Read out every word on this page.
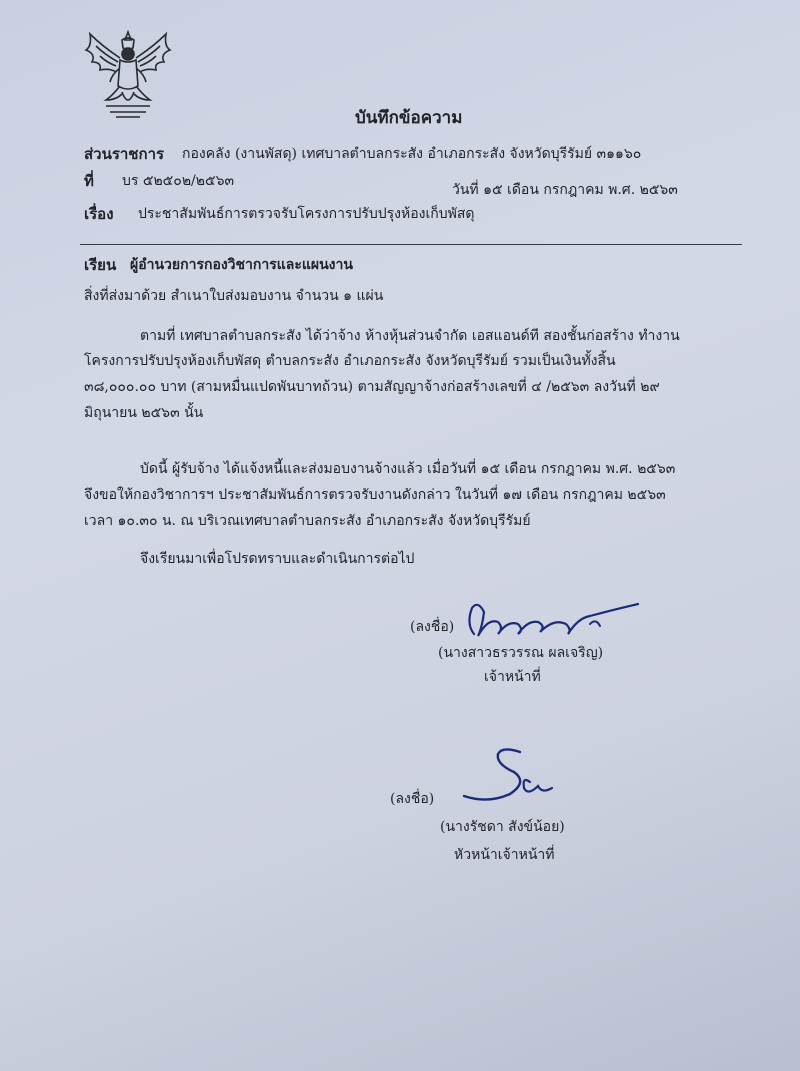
บันทึกข้อความ
ส่วนราชการ กองคลัง (งานพัสดุ) เทศบาลตำบลกระสัง อำเภอกระสัง จังหวัดบุรีรัมย์ ๓๑๑๖๐
ที่ บร ๕๒๕๐๒/๒๕๖๓
วันที่ ๑๕ เดือน กรกฎาคม พ.ศ. ๒๕๖๓
เรื่อง ประชาสัมพันธ์การตรวจรับโครงการปรับปรุงห้องเก็บพัสดุ
เรียน ผู้อำนวยการกองวิชาการและแผนงาน
สิ่งที่ส่งมาด้วย สำเนาใบส่งมอบงาน จำนวน ๑ แผ่น
ตามที่ เทศบาลตำบลกระสัง ได้ว่าจ้าง ห้างหุ้นส่วนจำกัด เอสแอนด์ที สองชั้นก่อสร้าง ทำงาน
โครงการปรับปรุงห้องเก็บพัสดุ ตำบลกระสัง อำเภอกระสัง จังหวัดบุรีรัมย์ รวมเป็นเงินทั้งสิ้น
๓๘,๐๐๐.๐๐ บาท (สามหมื่นแปดพันบาทถ้วน) ตามสัญญาจ้างก่อสร้างเลขที่ ๔ /๒๕๖๓ ลงวันที่ ๒๙
มิถุนายน ๒๕๖๓ นั้น
บัดนี้ ผู้รับจ้าง ได้แจ้งหนี้และส่งมอบงานจ้างแล้ว เมื่อวันที่ ๑๕ เดือน กรกฎาคม พ.ศ. ๒๕๖๓
จึงขอให้กองวิชาการฯ ประชาสัมพันธ์การตรวจรับงานดังกล่าว ในวันที่ ๑๗ เดือน กรกฎาคม ๒๕๖๓
เวลา ๑๐.๓๐ น. ณ บริเวณเทศบาลตำบลกระสัง อำเภอกระสัง จังหวัดบุรีรัมย์
จึงเรียนมาเพื่อโปรดทราบและดำเนินการต่อไป
(ลงชื่อ)
(นางสาวธรวรรณ ผลเจริญ)
เจ้าหน้าที่
(ลงชื่อ)
(นางรัชดา สังข์น้อย)
หัวหน้าเจ้าหน้าที่
